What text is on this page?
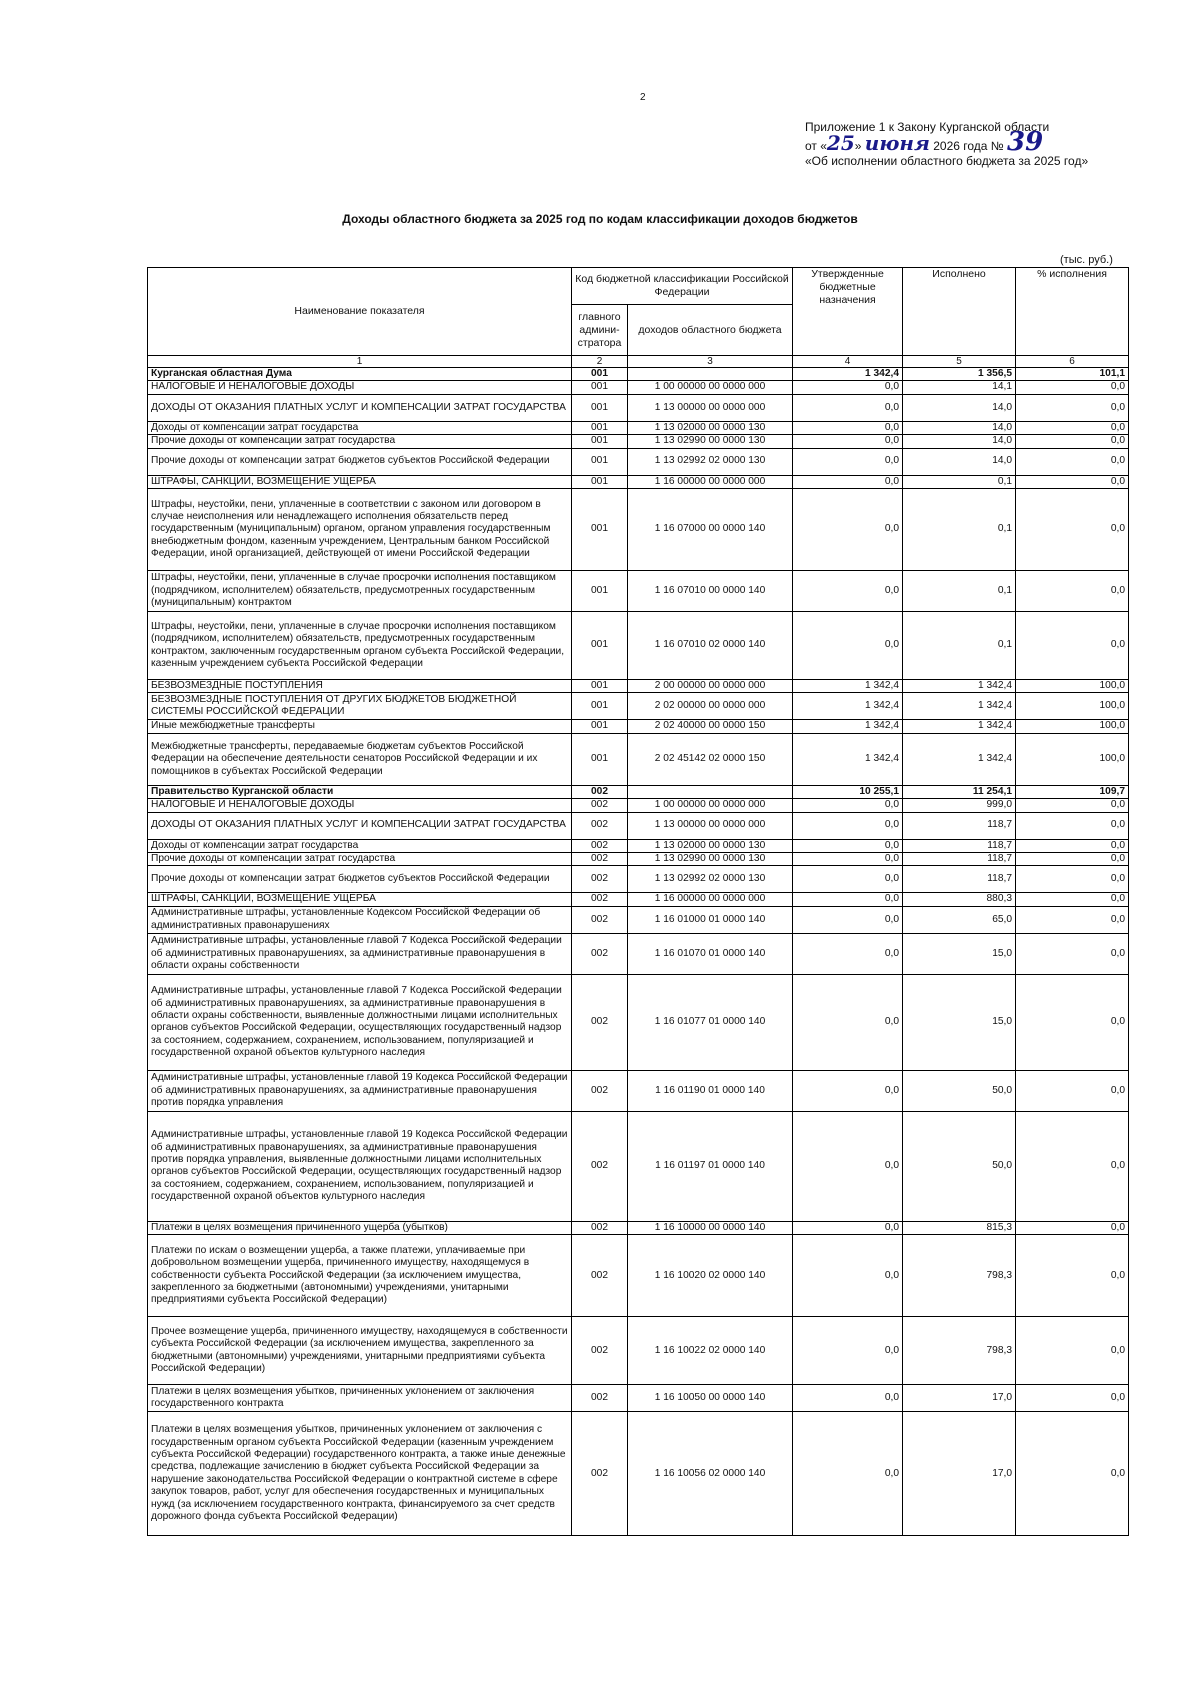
2
Приложение 1 к Закону Курганской области
от «25» июня 2026 года № 39
«Об исполнении областного бюджета за 2025 год»
Доходы областного бюджета за 2025 год по кодам классификации доходов бюджетов
(тыс. руб.)
Наименование показателя	Код бюджетной классификации Российской Федерации		Утвержденные бюджетные назначения	Исполнено	% исполнения
	главного админи-стратора	доходов областного бюджета			
1	2	3	4	5	6
Курганская областная Дума	001		1 342,4	1 356,5	101,1
НАЛОГОВЫЕ И НЕНАЛОГОВЫЕ ДОХОДЫ	001	1 00 00000 00 0000 000	0,0	14,1	0,0
ДОХОДЫ ОТ ОКАЗАНИЯ ПЛАТНЫХ УСЛУГ И КОМПЕНСАЦИИ ЗАТРАТ ГОСУДАРСТВА	001	1 13 00000 00 0000 000	0,0	14,0	0,0
Доходы от компенсации затрат государства	001	1 13 02000 00 0000 130	0,0	14,0	0,0
Прочие доходы от компенсации затрат государства	001	1 13 02990 00 0000 130	0,0	14,0	0,0
Прочие доходы от компенсации затрат бюджетов субъектов Российской Федерации	001	1 13 02992 02 0000 130	0,0	14,0	0,0
ШТРАФЫ, САНКЦИИ, ВОЗМЕЩЕНИЕ УЩЕРБА	001	1 16 00000 00 0000 000	0,0	0,1	0,0
Штрафы, неустойки, пени, уплаченные в соответствии с законом или договором в случае неисполнения или ненадлежащего исполнения обязательств перед государственным (муниципальным) органом, органом управления государственным внебюджетным фондом, казенным учреждением, Центральным банком Российской Федерации, иной организацией, действующей от имени Российской Федерации	001	1 16 07000 00 0000 140	0,0	0,1	0,0
Штрафы, неустойки, пени, уплаченные в случае просрочки исполнения поставщиком (подрядчиком, исполнителем) обязательств, предусмотренных государственным (муниципальным) контрактом	001	1 16 07010 00 0000 140	0,0	0,1	0,0
Штрафы, неустойки, пени, уплаченные в случае просрочки исполнения поставщиком (подрядчиком, исполнителем) обязательств, предусмотренных государственным контрактом, заключенным государственным органом субъекта Российской Федерации, казенным учреждением субъекта Российской Федерации	001	1 16 07010 02 0000 140	0,0	0,1	0,0
БЕЗВОЗМЕЗДНЫЕ ПОСТУПЛЕНИЯ	001	2 00 00000 00 0000 000	1 342,4	1 342,4	100,0
БЕЗВОЗМЕЗДНЫЕ ПОСТУПЛЕНИЯ ОТ ДРУГИХ БЮДЖЕТОВ БЮДЖЕТНОЙ СИСТЕМЫ РОССИЙСКОЙ ФЕДЕРАЦИИ	001	2 02 00000 00 0000 000	1 342,4	1 342,4	100,0
Иные межбюджетные трансферты	001	2 02 40000 00 0000 150	1 342,4	1 342,4	100,0
Межбюджетные трансферты, передаваемые бюджетам субъектов Российской Федерации на обеспечение деятельности сенаторов Российской Федерации и их помощников в субъектах Российской Федерации	001	2 02 45142 02 0000 150	1 342,4	1 342,4	100,0
Правительство Курганской области	002		10 255,1	11 254,1	109,7
НАЛОГОВЫЕ И НЕНАЛОГОВЫЕ ДОХОДЫ	002	1 00 00000 00 0000 000	0,0	999,0	0,0
ДОХОДЫ ОТ ОКАЗАНИЯ ПЛАТНЫХ УСЛУГ И КОМПЕНСАЦИИ ЗАТРАТ ГОСУДАРСТВА	002	1 13 00000 00 0000 000	0,0	118,7	0,0
Доходы от компенсации затрат государства	002	1 13 02000 00 0000 130	0,0	118,7	0,0
Прочие доходы от компенсации затрат государства	002	1 13 02990 00 0000 130	0,0	118,7	0,0
Прочие доходы от компенсации затрат бюджетов субъектов Российской Федерации	002	1 13 02992 02 0000 130	0,0	118,7	0,0
ШТРАФЫ, САНКЦИИ, ВОЗМЕЩЕНИЕ УЩЕРБА	002	1 16 00000 00 0000 000	0,0	880,3	0,0
Административные штрафы, установленные Кодексом Российской Федерации об административных правонарушениях	002	1 16 01000 01 0000 140	0,0	65,0	0,0
Административные штрафы, установленные главой 7 Кодекса Российской Федерации об административных правонарушениях, за административные правонарушения в области охраны собственности	002	1 16 01070 01 0000 140	0,0	15,0	0,0
Административные штрафы, установленные главой 7 Кодекса Российской Федерации об административных правонарушениях, за административные правонарушения в области охраны собственности, выявленные должностными лицами исполнительных органов субъектов Российской Федерации, осуществляющих государственный надзор за состоянием, содержанием, сохранением, использованием, популяризацией и государственной охраной объектов культурного наследия	002	1 16 01077 01 0000 140	0,0	15,0	0,0
Административные штрафы, установленные главой 19 Кодекса Российской Федерации об административных правонарушениях, за административные правонарушения против порядка управления	002	1 16 01190 01 0000 140	0,0	50,0	0,0
Административные штрафы, установленные главой 19 Кодекса Российской Федерации об административных правонарушениях, за административные правонарушения против порядка управления, выявленные должностными лицами исполнительных органов субъектов Российской Федерации, осуществляющих государственный надзор за состоянием, содержанием, сохранением, использованием, популяризацией и государственной охраной объектов культурного наследия	002	1 16 01197 01 0000 140	0,0	50,0	0,0
Платежи в целях возмещения причиненного ущерба (убытков)	002	1 16 10000 00 0000 140	0,0	815,3	0,0
Платежи по искам о возмещении ущерба, а также платежи, уплачиваемые при добровольном возмещении ущерба, причиненного имуществу, находящемуся в собственности субъекта Российской Федерации (за исключением имущества, закрепленного за бюджетными (автономными) учреждениями, унитарными предприятиями субъекта Российской Федерации)	002	1 16 10020 02 0000 140	0,0	798,3	0,0
Прочее возмещение ущерба, причиненного имуществу, находящемуся в собственности субъекта Российской Федерации (за исключением имущества, закрепленного за бюджетными (автономными) учреждениями, унитарными предприятиями субъекта Российской Федерации)	002	1 16 10022 02 0000 140	0,0	798,3	0,0
Платежи в целях возмещения убытков, причиненных уклонением от заключения государственного контракта	002	1 16 10050 00 0000 140	0,0	17,0	0,0
Платежи в целях возмещения убытков, причиненных уклонением от заключения с государственным органом субъекта Российской Федерации (казенным учреждением субъекта Российской Федерации) государственного контракта, а также иные денежные средства, подлежащие зачислению в бюджет субъекта Российской Федерации за нарушение законодательства Российской Федерации о контрактной системе в сфере закупок товаров, работ, услуг для обеспечения государственных и муниципальных нужд (за исключением государственного контракта, финансируемого за счет средств дорожного фонда субъекта Российской Федерации)	002	1 16 10056 02 0000 140	0,0	17,0	0,0
